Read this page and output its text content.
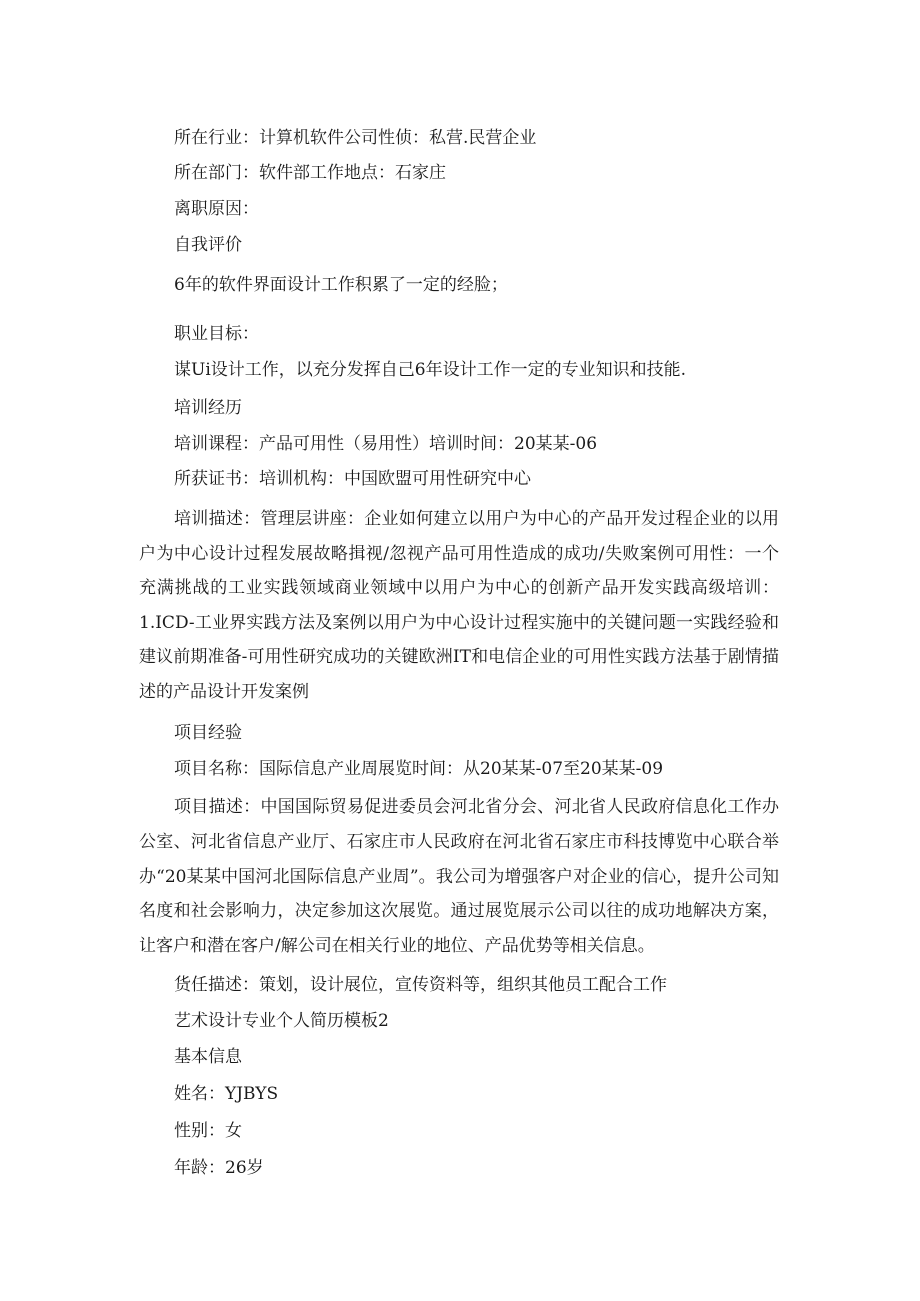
所在行业：计算机软件公司性侦：私营.民营企业
所在部门：软件部工作地点：石家庄
离职原因：
自我评价
6年的软件界面设计工作积累了一定的经脸；
职业目标：
谋Ui设计工作，以充分发挥自己6年设计工作一定的专业知识和技能.
培训经历
培训课程：产品可用性（易用性）培训时间：20某某-06
所获证书：培训机构：中国欧盟可用性研究中心
培训描述：管理层讲座：企业如何建立以用户为中心的产品开发过程企业的以用户为中心设计过程发展故略揖视/忽视产品可用性造成的成功/失败案例可用性：一个充满挑战的工业实践领域商业领域中以用户为中心的创新产品开发实践高级培训：1.ICD-工业界实践方法及案例以用户为中心设计过程实施中的关键问题一实践经验和建议前期准备-可用性研究成功的关键欧洲IT和电信企业的可用性实践方法基于剧情描述的产品设计开发案例
项目经验
项目名称：国际信息产业周展览时间：从20某某-07至20某某-09
项目描述：中国国际贸易促进委员会河北省分会、河北省人民政府信息化工作办公室、河北省信息产业厅、石家庄市人民政府在河北省石家庄市科技博览中心联合举办“20某某中国河北国际信息产业周”。我公司为增强客户对企业的信心，提升公司知名度和社会影响力，决定参加这次展览。通过展览展示公司以往的成功地解决方案，让客户和潜在客户/解公司在相关行业的地位、产品优势等相关信息。
货任描述：策划，设计展位，宣传资料等，组织其他员工配合工作
艺术设计专业个人简历模板2
基本信息
姓名：YJBYS
性别：女
年龄：26岁
